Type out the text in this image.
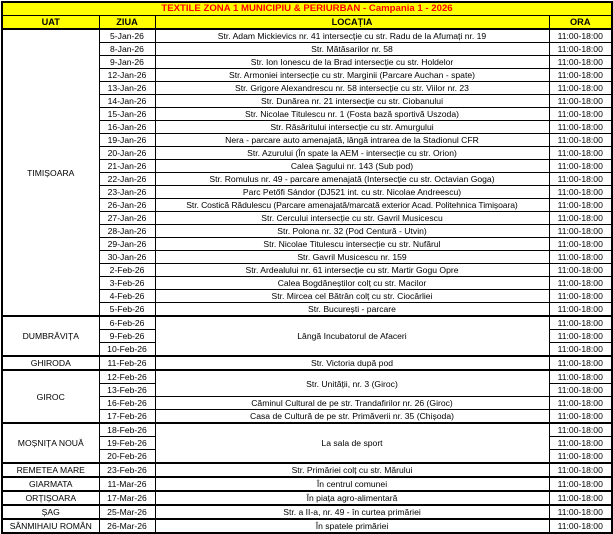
TEXTILE ZONA 1 MUNICIPIU & PERIURBAN - Campania 1 - 2026			
UAT	ZIUA	LOCAȚIA	ORA
TIMIȘOARA	5-Jan-26	Str. Adam Mickievics nr. 41 intersecție cu str. Radu de la Afumați nr. 19	11:00-18:00
	8-Jan-26	Str. Mătăsarilor nr. 58	11:00-18:00
	9-Jan-26	Str. Ion Ionescu de la Brad intersecție cu str. Holdelor	11:00-18:00
	12-Jan-26	Str. Armoniei intersecție cu str. Marginii (Parcare Auchan - spate)	11:00-18:00
	13-Jan-26	Str. Grigore Alexandrescu nr. 58 intersecție cu str. Viilor nr. 23	11:00-18:00
	14-Jan-26	Str. Dunărea nr. 21 intersecție cu str. Ciobanului	11:00-18:00
	15-Jan-26	Str. Nicolae Titulescu nr. 1 (Fosta bază sportivă Uszoda)	11:00-18:00
	16-Jan-26	Str. Răsăritului intersecție cu str. Amurgului	11:00-18:00
	19-Jan-26	Nera - parcare auto amenajată, lângă intrarea de la Stadionul CFR	11:00-18:00
	20-Jan-26	Str. Azurului (În spate la AEM - intersecție cu str. Orion)	11:00-18:00
	21-Jan-26	Calea Șagului nr. 143 (Sub pod)	11:00-18:00
	22-Jan-26	Str. Romulus nr. 49 - parcare amenajată (Intersecție cu str. Octavian Goga)	11:00-18:00
	23-Jan-26	Parc Petőfi Sándor (DJ521 int. cu str. Nicolae Andreescu)	11:00-18:00
	26-Jan-26	Str. Costică Rădulescu (Parcare amenajată/marcată exterior Acad. Politehnica Timișoara)	11:00-18:00
	27-Jan-26	Str. Cercului intersecție cu str. Gavril Musicescu	11:00-18:00
	28-Jan-26	Str. Polona nr. 32 (Pod Centură - Utvin)	11:00-18:00
	29-Jan-26	Str. Nicolae Titulescu intersecție cu str. Nufărul	11:00-18:00
	30-Jan-26	Str. Gavril Musicescu nr. 159	11:00-18:00
	2-Feb-26	Str. Ardealului nr. 61 intersecție cu str. Martir Gogu Opre	11:00-18:00
	3-Feb-26	Calea Bogdăneștilor colț cu str. Macilor	11:00-18:00
	4-Feb-26	Str. Mircea cel Bătrân colț cu str. Ciocârliei	11:00-18:00
	5-Feb-26	Str. București - parcare	11:00-18:00
DUMBRĂVIȚA	6-Feb-26	Lângă Incubatorul de Afaceri	11:00-18:00
	9-Feb-26		11:00-18:00
	10-Feb-26		11:00-18:00
GHIRODA	11-Feb-26	Str. Victoria după pod	11:00-18:00
GIROC	12-Feb-26	Str. Unității, nr. 3 (Giroc)	11:00-18:00
	13-Feb-26		11:00-18:00
	16-Feb-26	Căminul Cultural de pe str. Trandafirilor nr. 26 (Giroc)	11:00-18:00
	17-Feb-26	Casa de Cultură de pe str. Primăverii nr. 35 (Chișoda)	11:00-18:00
MOȘNIȚA NOUĂ	18-Feb-26	La sala de sport	11:00-18:00
	19-Feb-26		11:00-18:00
	20-Feb-26		11:00-18:00
REMETEA MARE	23-Feb-26	Str. Primăriei colț cu str. Mărului	11:00-18:00
GIARMATA	11-Mar-26	În centrul comunei	11:00-18:00
ORȚIȘOARA	17-Mar-26	În piața agro-alimentară	11:00-18:00
ȘAG	25-Mar-26	Str. a II-a, nr. 49 - în curtea primăriei	11:00-18:00
SÂNMIHAIU ROMÂN	26-Mar-26	În spatele primăriei	11:00-18:00
